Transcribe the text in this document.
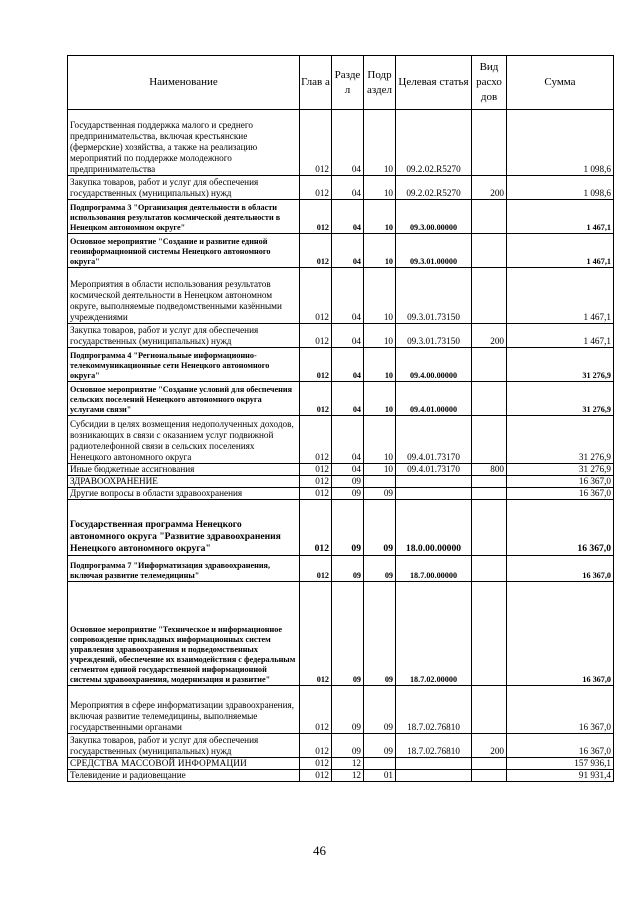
Наименование	Глав а	Разде л	Подр аздел	Целевая статья	Вид расхо дов	Сумма
Государственная поддержка малого и среднего предпринимательства, включая крестьянские (фермерские) хозяйства, а также на реализацию мероприятий по поддержке молодежного предпринимательства	012	04	10	09.2.02.R5270		1 098,6
Закупка товаров, работ и услуг для обеспечения государственных (муниципальных) нужд	012	04	10	09.2.02.R5270	200	1 098,6
Подпрограмма 3 "Организация деятельности в области использования результатов космической деятельности в Ненецком автономном округе"	012	04	10	09.3.00.00000		1 467,1
Основное мероприятие "Создание и развитие единой геоинформационной системы Ненецкого автономного округа"	012	04	10	09.3.01.00000		1 467,1
Мероприятия в области использования результатов космической деятельности в Ненецком автономном округе, выполняемые подведомственными казёнными учреждениями	012	04	10	09.3.01.73150		1 467,1
Закупка товаров, работ и услуг для обеспечения государственных (муниципальных) нужд	012	04	10	09.3.01.73150	200	1 467,1
Подпрограмма 4 "Региональные информационно-телекоммуникационные сети Ненецкого автономного округа"	012	04	10	09.4.00.00000		31 276,9
Основное мероприятие "Создание условий для обеспечения сельских поселений Ненецкого автономного округа услугами связи"	012	04	10	09.4.01.00000		31 276,9
Субсидии в целях возмещения недополученных доходов, возникающих в связи с оказанием услуг подвижной радиотелефонной связи в сельских поселениях Ненецкого автономного округа	012	04	10	09.4.01.73170		31 276,9
Иные бюджетные ассигнования	012	04	10	09.4.01.73170	800	31 276,9
ЗДРАВООХРАНЕНИЕ	012	09				16 367,0
Другие вопросы в области здравоохранения	012	09	09			16 367,0
Государственная программа Ненецкого автономного округа "Развитие здравоохранения Ненецкого автономного округа"	012	09	09	18.0.00.00000		16 367,0
Подпрограмма 7 "Информатизация здравоохранения, включая развитие телемедицины"	012	09	09	18.7.00.00000		16 367,0
Основное мероприятие "Техническое и информационное сопровождение прикладных информационных систем управления здравоохранения и подведомственных учреждений, обеспечение их взаимодействия с федеральным сегментом единой государственной информационной системы здравоохранения, модернизация и развитие"	012	09	09	18.7.02.00000		16 367,0
Мероприятия в сфере информатизации здравоохранения, включая развитие телемедицины, выполняемые государственными органами	012	09	09	18.7.02.76810		16 367,0
Закупка товаров, работ и услуг для обеспечения государственных (муниципальных) нужд	012	09	09	18.7.02.76810	200	16 367,0
СРЕДСТВА МАССОВОЙ ИНФОРМАЦИИ	012	12				157 936,1
Телевидение и радиовещание	012	12	01			91 931,4
46
